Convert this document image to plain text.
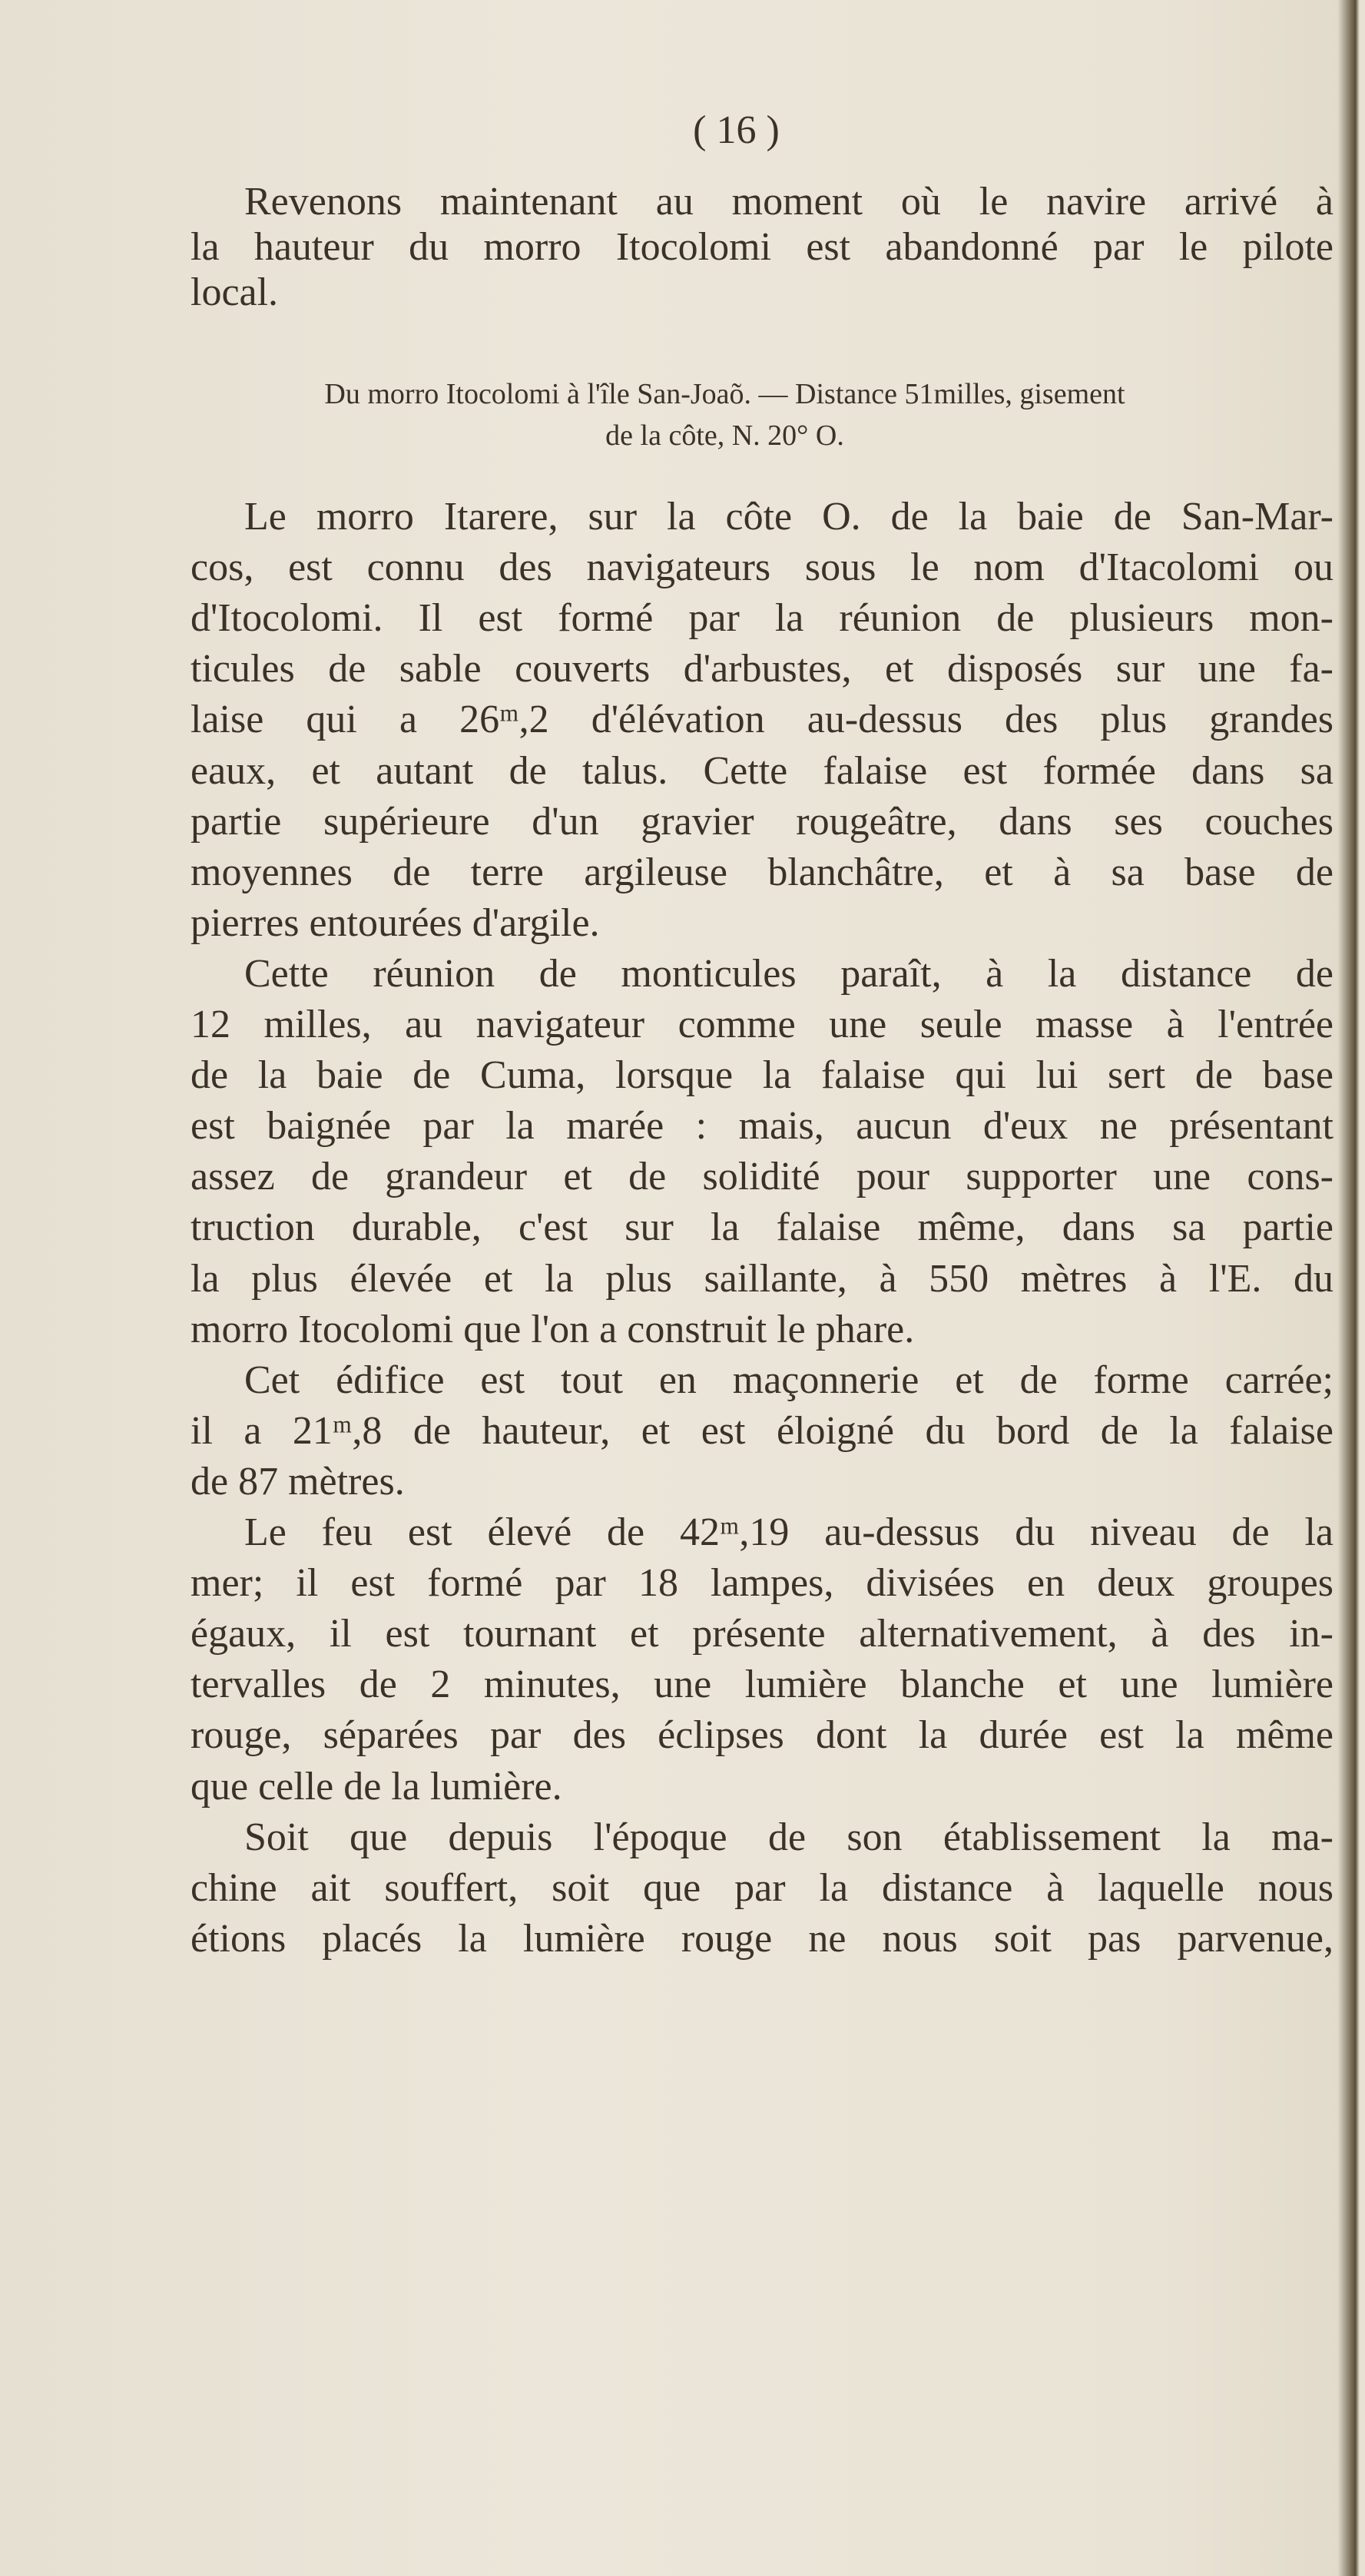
( 16 )
Revenons maintenant au moment où le navire arrivé à
la hauteur du morro Itocolomi est abandonné par le pilote
local.
Du morro Itocolomi à l'île San-Joaõ. — Distance 51milles, gisement
de la côte, N. 20° O.
Le morro Itarere, sur la côte O. de la baie de San-Mar-
cos, est connu des navigateurs sous le nom d'Itacolomi ou
d'Itocolomi. Il est formé par la réunion de plusieurs mon-
ticules de sable couverts d'arbustes, et disposés sur une fa-
laise qui a 26ᵐ,2 d'élévation au-dessus des plus grandes
eaux, et autant de talus. Cette falaise est formée dans sa
partie supérieure d'un gravier rougeâtre, dans ses couches
moyennes de terre argileuse blanchâtre, et à sa base de
pierres entourées d'argile.
Cette réunion de monticules paraît, à la distance de
12 milles, au navigateur comme une seule masse à l'entrée
de la baie de Cuma, lorsque la falaise qui lui sert de base
est baignée par la marée : mais, aucun d'eux ne présentant
assez de grandeur et de solidité pour supporter une cons-
truction durable, c'est sur la falaise même, dans sa partie
la plus élevée et la plus saillante, à 550 mètres à l'E. du
morro Itocolomi que l'on a construit le phare.
Cet édifice est tout en maçonnerie et de forme carrée;
il a 21ᵐ,8 de hauteur, et est éloigné du bord de la falaise
de 87 mètres.
Le feu est élevé de 42ᵐ,19 au-dessus du niveau de la
mer; il est formé par 18 lampes, divisées en deux groupes
égaux, il est tournant et présente alternativement, à des in-
tervalles de 2 minutes, une lumière blanche et une lumière
rouge, séparées par des éclipses dont la durée est la même
que celle de la lumière.
Soit que depuis l'époque de son établissement la ma-
chine ait souffert, soit que par la distance à laquelle nous
étions placés la lumière rouge ne nous soit pas parvenue,
